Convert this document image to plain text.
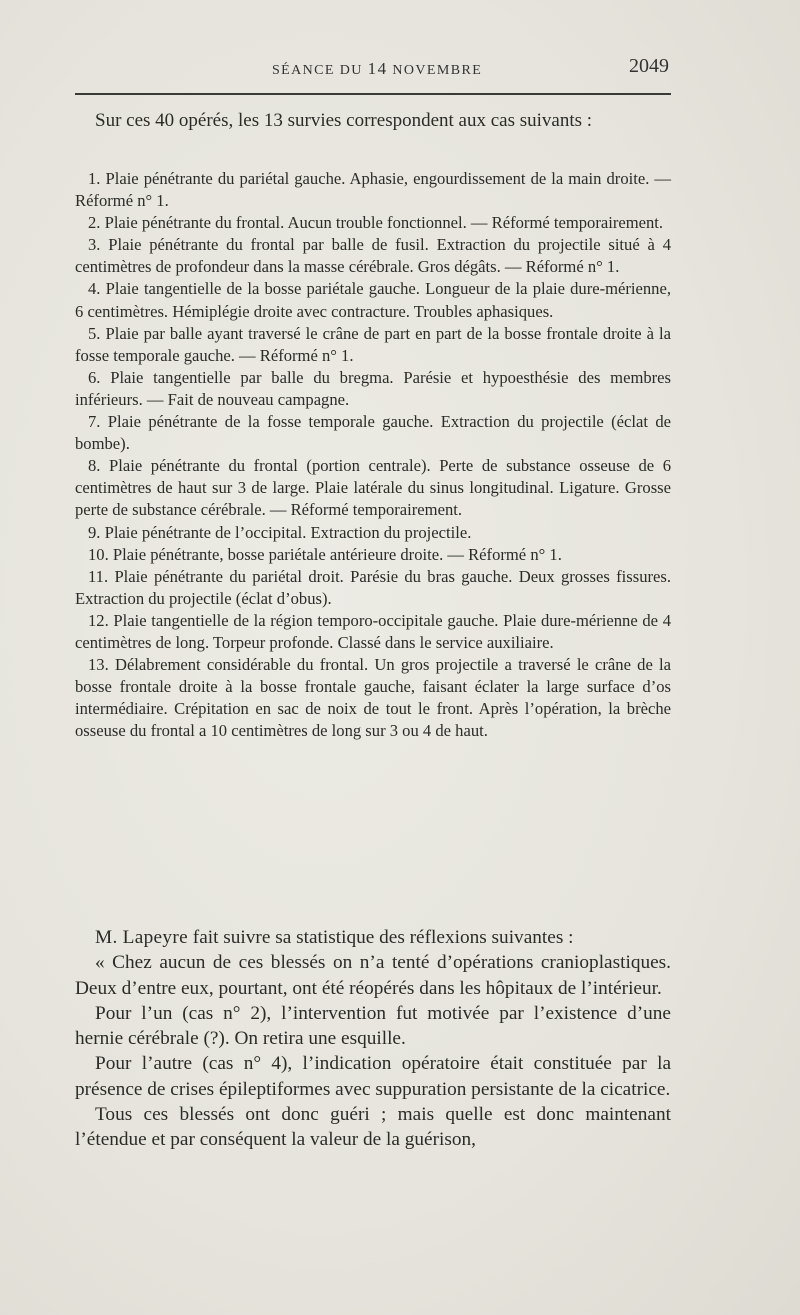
SÉANCE DU 14 NOVEMBRE	2049

Sur ces 40 opérés, les 13 survies correspondent aux cas suivants :

1. Plaie pénétrante du pariétal gauche. Aphasie, engourdissement de la main droite. — Réformé n° 1.
2. Plaie pénétrante du frontal. Aucun trouble fonctionnel. — Réformé temporairement.
3. Plaie pénétrante du frontal par balle de fusil. Extraction du projectile situé à 4 centimètres de profondeur dans la masse cérébrale. Gros dégâts. — Réformé n° 1.
4. Plaie tangentielle de la bosse pariétale gauche. Longueur de la plaie dure-mérienne, 6 centimètres. Hémiplégie droite avec contracture. Troubles aphasiques.
5. Plaie par balle ayant traversé le crâne de part en part de la bosse frontale droite à la fosse temporale gauche. — Réformé n° 1.
6. Plaie tangentielle par balle du bregma. Parésie et hypoesthésie des membres inférieurs. — Fait de nouveau campagne.
7. Plaie pénétrante de la fosse temporale gauche. Extraction du projectile (éclat de bombe).
8. Plaie pénétrante du frontal (portion centrale). Perte de substance osseuse de 6 centimètres de haut sur 3 de large. Plaie latérale du sinus longitudinal. Ligature. Grosse perte de substance cérébrale. — Réformé temporairement.
9. Plaie pénétrante de l’occipital. Extraction du projectile.
10. Plaie pénétrante, bosse pariétale antérieure droite. — Réformé n° 1.
11. Plaie pénétrante du pariétal droit. Parésie du bras gauche. Deux grosses fissures. Extraction du projectile (éclat d’obus).
12. Plaie tangentielle de la région temporo-occipitale gauche. Plaie dure-mérienne de 4 centimètres de long. Torpeur profonde. Classé dans le service auxiliaire.
13. Délabrement considérable du frontal. Un gros projectile a traversé le crâne de la bosse frontale droite à la bosse frontale gauche, faisant éclater la large surface d’os intermédiaire. Crépitation en sac de noix de tout le front. Après l’opération, la brèche osseuse du frontal a 10 centimètres de long sur 3 ou 4 de haut.

M. Lapeyre fait suivre sa statistique des réflexions suivantes :

« Chez aucun de ces blessés on n’a tenté d’opérations cranioplastiques. Deux d’entre eux, pourtant, ont été réopérés dans les hôpitaux de l’intérieur.

Pour l’un (cas n° 2), l’intervention fut motivée par l’existence d’une hernie cérébrale (?). On retira une esquille.

Pour l’autre (cas n° 4), l’indication opératoire était constituée par la présence de crises épileptiformes avec suppuration persistante de la cicatrice.

Tous ces blessés ont donc guéri ; mais quelle est donc maintenant l’étendue et par conséquent la valeur de la guérison,
